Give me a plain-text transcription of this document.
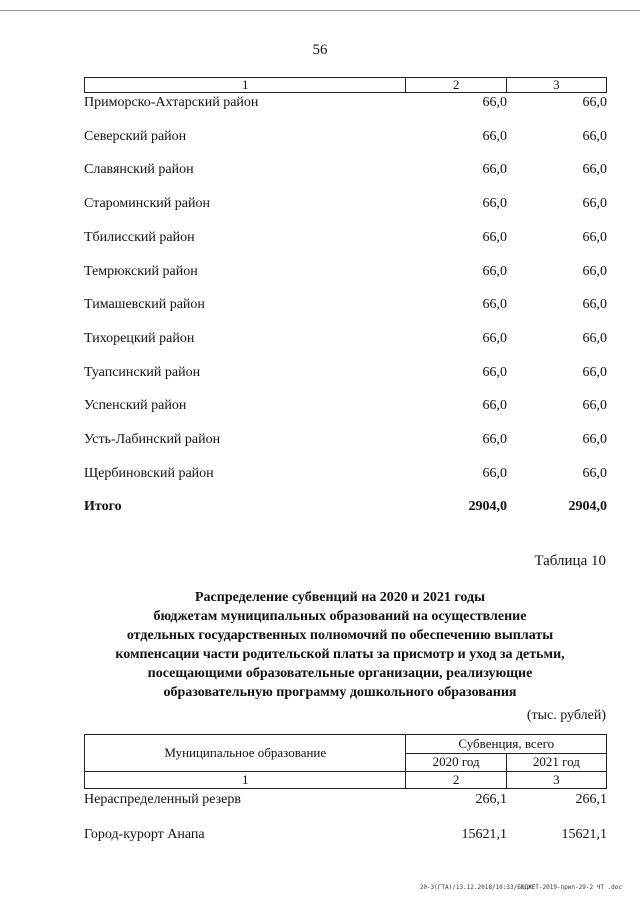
56
1	2	3
Приморско-Ахтарский район	66,0	66,0
Северский район	66,0	66,0
Славянский район	66,0	66,0
Староминский район	66,0	66,0
Тбилисский район	66,0	66,0
Темрюкский район	66,0	66,0
Тимашевский район	66,0	66,0
Тихорецкий район	66,0	66,0
Туапсинский район	66,0	66,0
Успенский район	66,0	66,0
Усть-Лабинский район	66,0	66,0
Щербиновский район	66,0	66,0
Итого	2904,0	2904,0
Таблица 10
Распределение субвенций на 2020 и 2021 годы
бюджетам муниципальных образований на осуществление
отдельных государственных полномочий по обеспечению выплаты
компенсации части родительской платы за присмотр и уход за детьми,
посещающими образовательные организации, реализующие
образовательную программу дошкольного образования
(тыс. рублей)
Муниципальное образование	Субвенция, всего	
	2020 год	2021 год
1	2	3
Нераспределенный резерв	266,1	266,1
Город-курорт Анапа	15621,1	15621,1
20-3(ГТА)/13.12.2018/10:33/БЮДЖЕТ-2019-прил-29-2 ЧТ .doc
